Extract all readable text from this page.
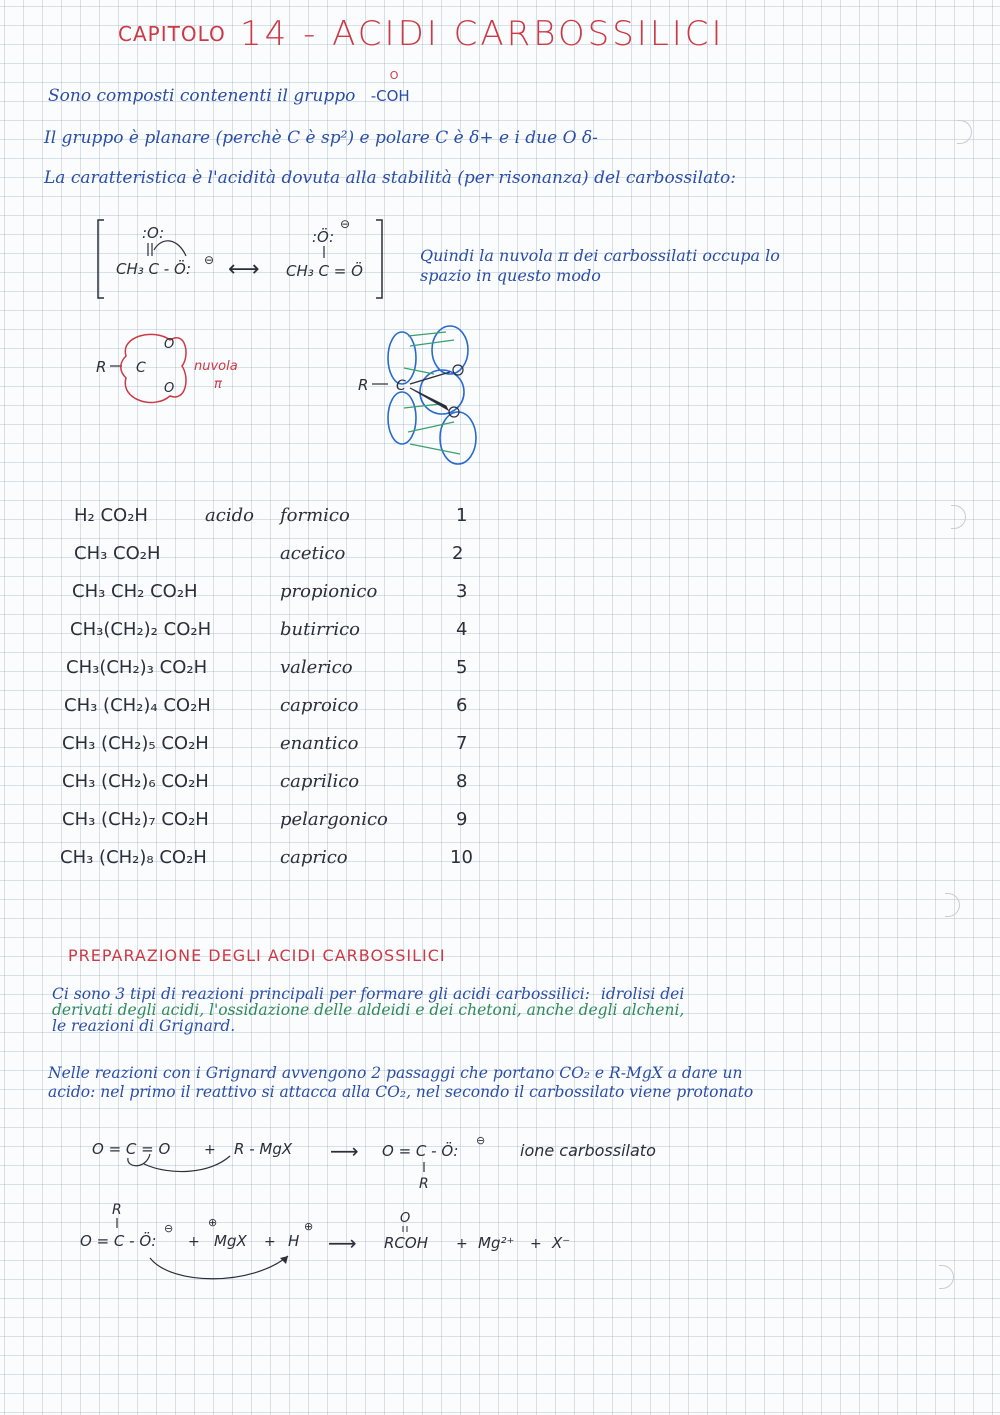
CAPITOLO 14 - ACIDI CARBOSSILICI
Sono composti contenenti il gruppo
O
-COH
Il gruppo è planare (perchè C è sp²) e polare C è δ+ e i due O δ-
La caratteristica è l'acidità dovuta alla stabilità (per risonanza) del carbossilato:
:O:
CH₃ C - Ö: ⊖ ⟷
:Ö:
⊖
CH₃ C = Ö
Quindi la nuvola π dei carbossilati occupa lo spazio in questo modo
R C
O
O
nuvola
π	R C
H₂ CO₂H	acido formico	1
CH₃ CO₂H	acetico	2
CH₃ CH₂ CO₂H	propionico	3
CH₃(CH₂)₂ CO₂H	butirrico	4
CH₃(CH₂)₃ CO₂H	valerico	5
CH₃ (CH₂)₄ CO₂H	caproico	6
CH₃ (CH₂)₅ CO₂H	enantico	7
CH₃ (CH₂)₆ CO₂H	caprilico	8
CH₃ (CH₂)₇ CO₂H	pelargonico	9
CH₃ (CH₂)₈ CO₂H	caprico	10
PREPARAZIONE DEGLI ACIDI CARBOSSILICI
Ci sono 3 tipi di reazioni principali per formare gli acidi carbossilici: idrolisi dei
derivati degli acidi, l'ossidazione delle aldeidi e dei chetoni, anche degli alcheni,
le reazioni di Grignard.
Nelle reazioni con i Grignard avvengono 2 passaggi che portano CO₂ e R-MgX a dare un
acido: nel primo il reattivo si attacca alla CO₂, nel secondo il carbossilato viene protonato
O = C = O + R - MgX ⟶ O = C - Ö:
⊖
R
ione carbossilato
R
O = C - Ö:
⊖
+
⊕
MgX + H
⊕
⟶
O
RCOH + Mg²⁺ + X⁻
